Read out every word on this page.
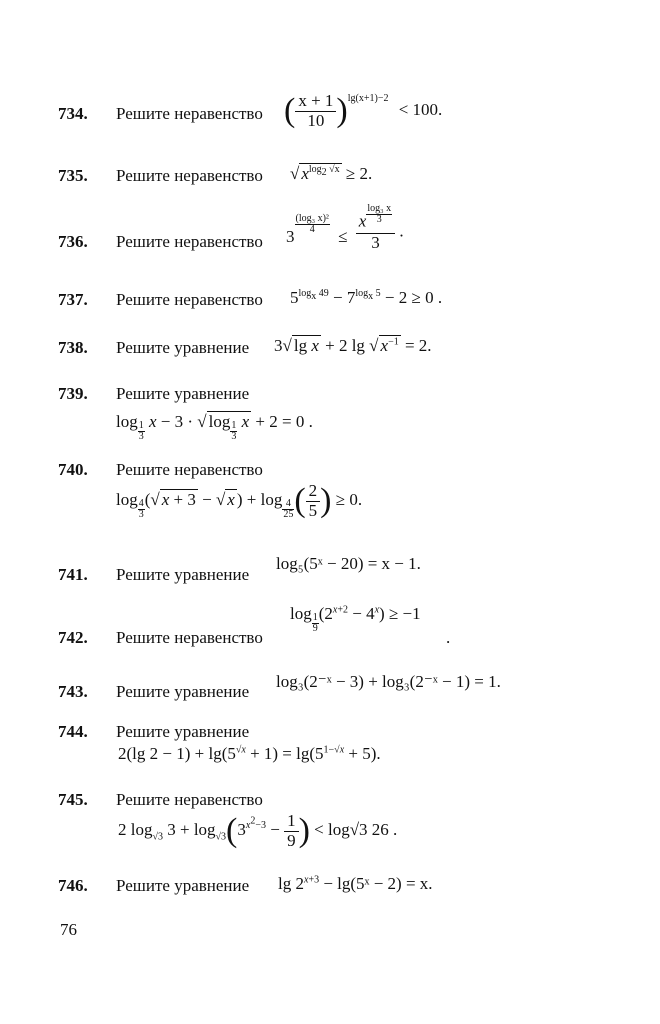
734. Решите неравенство ( $\frac{x + 1}{10} )^{lg(x+1)-2} < 100$.
735. Решите неравенство √ $x^{log_2 √x} \ge 2$.
736. Решите неравенство 3
$\frac{\text{(log₃ x)²}}{4}$
≤ $\frac{x \frac{\text{log₃ x}}{3}}{3}$ .
737. Решите неравенство $5^{log_x 49} - 7^{log_x 5} - 2 \ge 0$ .
738. Решите уравнение 3√ lg x + 2 lg √ $x^{-1} = 2$.
739. Решите уравнение
$\log \frac{1}{3}$ x − 3 · √ $\log \frac{1}{3}$ x + 2 = 0 .
740. Решите неравенство
$\log \frac{4}{3}$ (√ x + 3 − √ x ) + $\log \frac{4}{25}$ ( $\frac{2}{5}$ ) ≥ 0.
741. Решите уравнение
log₅(5ˣ − 20) = x − 1.
742. Решите неравенство
$\log \frac{1}{9} (2^{x+2} - 4^x) \ge -1$
.
743. Решите уравнение
log₃(2⁻ˣ − 3) + log₃(2⁻ˣ − 1) = 1.
744. Решите уравнение
2(lg $2 - 1) + \lg(5^{√x} + 1) = \lg(5^{1-√x} + 5)$.
745. Решите неравенство
2 $\log_{√3} 3 + \log_{√3}(3^{x^2-3} - \frac{1}{9}$ ) < log√3 26 .
746. Решите уравнение $\lg 2^{x+3}$ − lg(5ˣ − 2) = x.
76
